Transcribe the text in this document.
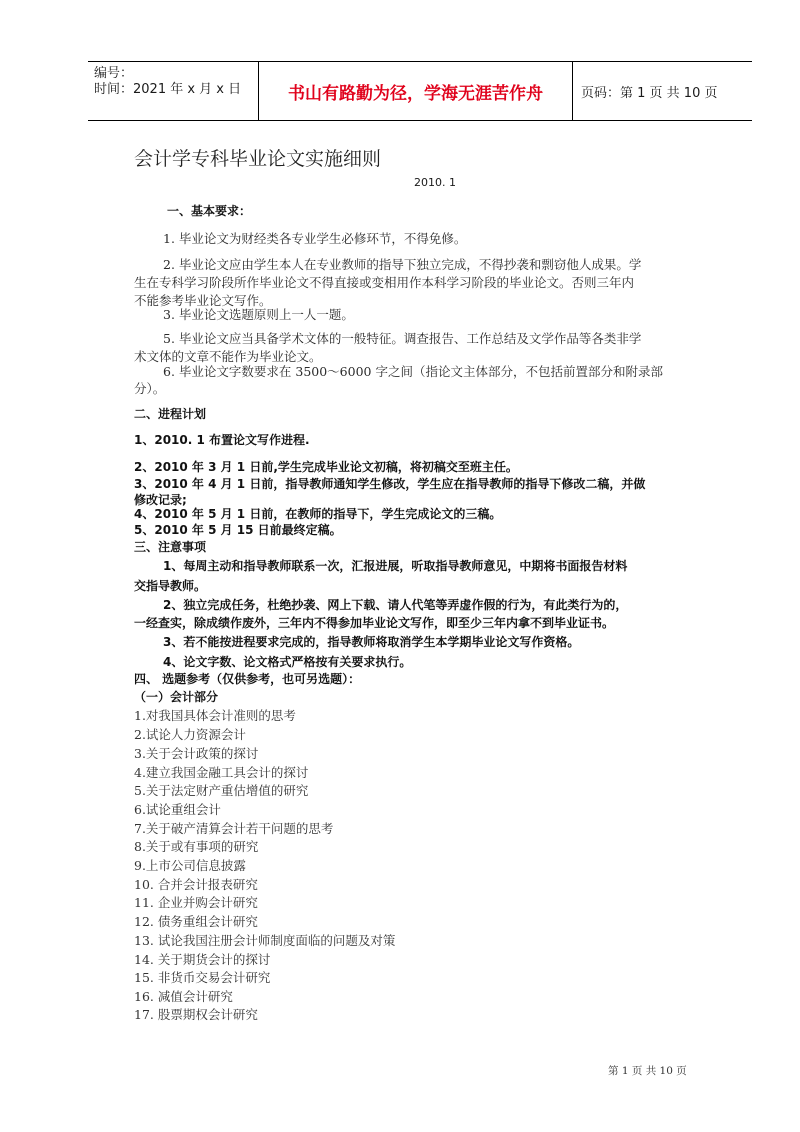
编号：
时间：2021 年 x 月 x 日	书山有路勤为径，学海无涯苦作舟	页码：第 1 页 共 10 页
会计学专科毕业论文实施细则
2010. 1
一、基本要求：
1. 毕业论文为财经类各专业学生必修环节，不得免修。
2. 毕业论文应由学生本人在专业教师的指导下独立完成，不得抄袭和剽窃他人成果。学
生在专科学习阶段所作毕业论文不得直接或变相用作本科学习阶段的毕业论文。否则三年内
不能参考毕业论文写作。
3. 毕业论文选题原则上一人一题。
5. 毕业论文应当具备学术文体的一般特征。调查报告、工作总结及文学作品等各类非学
术文体的文章不能作为毕业论文。
6. 毕业论文字数要求在 3500～6000 字之间（指论文主体部分，不包括前置部分和附录部
分）。
二、进程计划
1、2010. 1 布置论文写作进程.
2、2010 年 3 月 1 日前,学生完成毕业论文初稿，将初稿交至班主任。
3、2010 年 4 月 1 日前，指导教师通知学生修改，学生应在指导教师的指导下修改二稿，并做
修改记录;
4、2010 年 5 月 1 日前，在教师的指导下，学生完成论文的三稿。
5、2010 年 5 月 15 日前最终定稿。
三、注意事项
1、每周主动和指导教师联系一次，汇报进展，听取指导教师意见，中期将书面报告材料
交指导教师。
2、独立完成任务，杜绝抄袭、网上下载、请人代笔等弄虚作假的行为，有此类行为的，
一经查实，除成绩作废外，三年内不得参加毕业论文写作，即至少三年内拿不到毕业证书。
3、若不能按进程要求完成的，指导教师将取消学生本学期毕业论文写作资格。
4、论文字数、论文格式严格按有关要求执行。
四、 选题参考（仅供参考，也可另选题）：
（一）会计部分
1.对我国具体会计准则的思考
2.试论人力资源会计
3.关于会计政策的探讨
4.建立我国金融工具会计的探讨
5.关于法定财产重估增值的研究
6.试论重组会计
7.关于破产清算会计若干问题的思考
8.关于或有事项的研究
9.上市公司信息披露
10. 合并会计报表研究
11. 企业并购会计研究
12. 债务重组会计研究
13. 试论我国注册会计师制度面临的问题及对策
14. 关于期货会计的探讨
15. 非货币交易会计研究
16. 减值会计研究
17. 股票期权会计研究
第 1 页 共 10 页
